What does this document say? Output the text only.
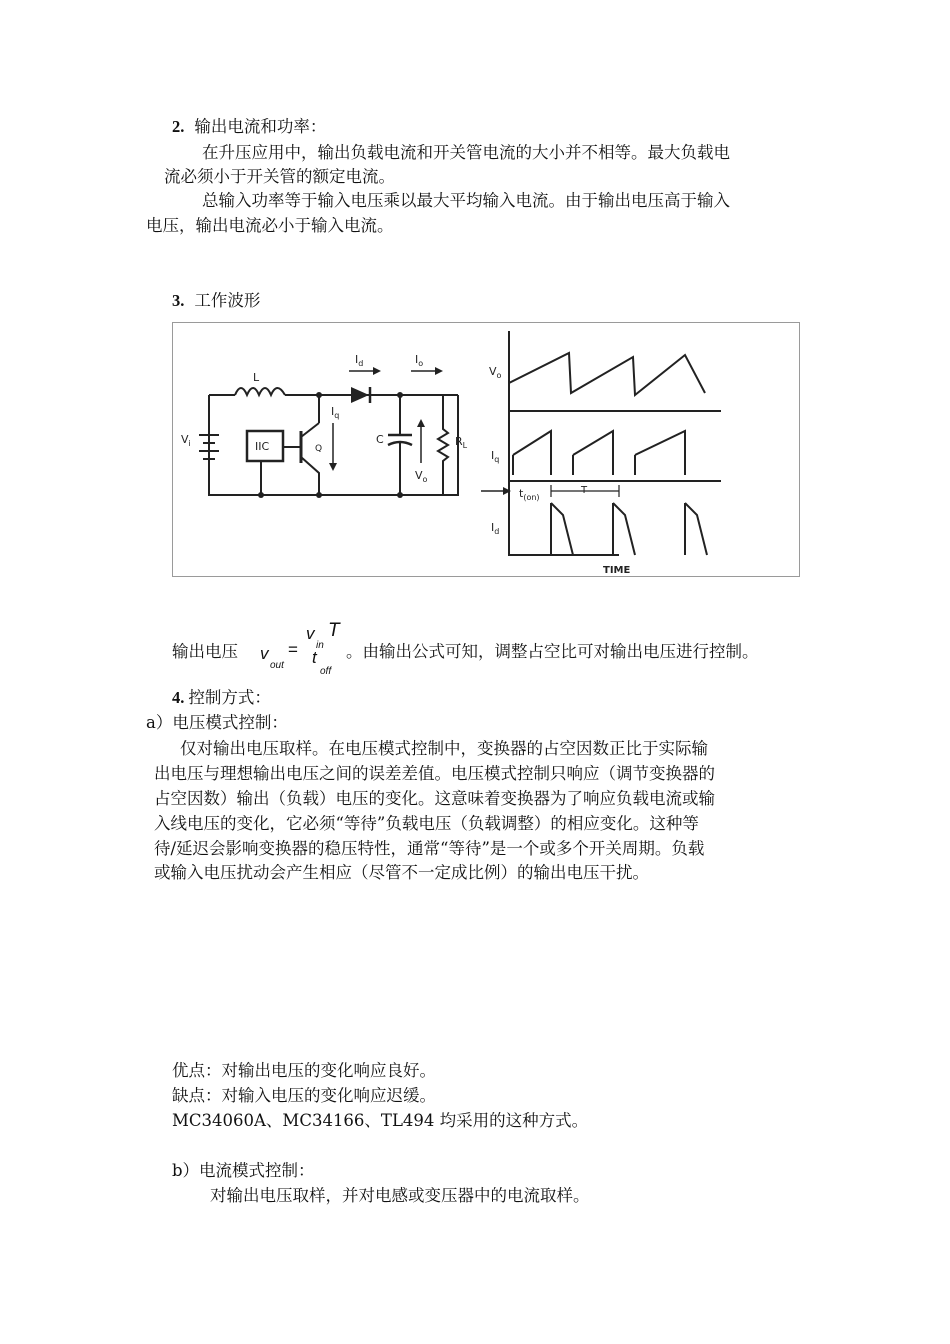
2. 输出电流和功率：
在升压应用中，输出负载电流和开关管电流的大小并不相等。最大负载电
流必须小于开关管的额定电流。
总输入功率等于输入电压乘以最大平均输入电流。由于输出电压高于输入
电压，输出电流必小于输入电流。
3. 工作波形
L
$I_d$	$I_o$
$I_q$
$V_i$	IIC	Q
C	$R_L$
$V_o$
$V_o$
$I_q$
$t_{(on)}$
T
$I_d$
TIME
输出电压 v
out
=
v
in
T
t
off
。由输出公式可知，调整占空比可对输出电压进行控制。
4. 控制方式：
a）电压模式控制：
仅对输出电压取样。在电压模式控制中，变换器的占空因数正比于实际输
出电压与理想输出电压之间的误差差值。电压模式控制只响应（调节变换器的
占空因数）输出（负载）电压的变化。这意味着变换器为了响应负载电流或输
入线电压的变化，它必须“等待”负载电压（负载调整）的相应变化。这种等
待/延迟会影响变换器的稳压特性，通常“等待”是一个或多个开关周期。负载
或输入电压扰动会产生相应（尽管不一定成比例）的输出电压干扰。
优点：对输出电压的变化响应良好。
缺点：对输入电压的变化响应迟缓。
MC34060A、MC34166、TL494 均采用的这种方式。
b）电流模式控制：
对输出电压取样，并对电感或变压器中的电流取样。
